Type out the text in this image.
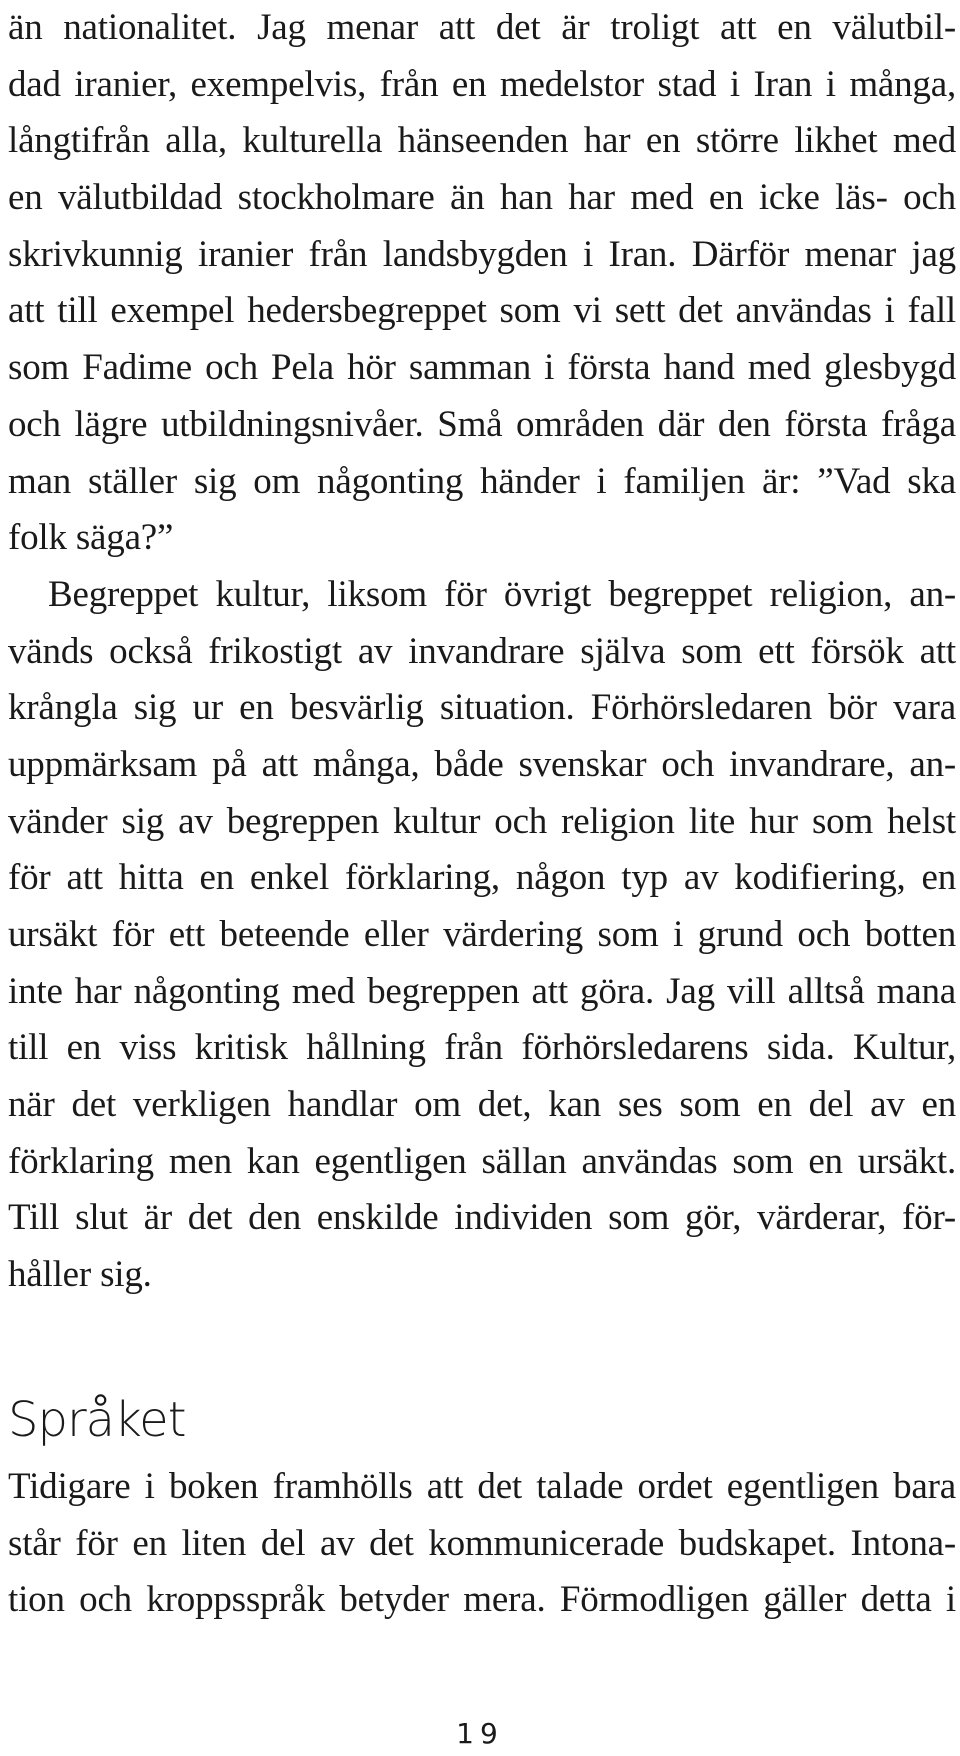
än nationalitet. Jag menar att det är troligt att en välutbil-
dad iranier, exempelvis, från en medelstor stad i Iran i många,
långtifrån alla, kulturella hänseenden har en större likhet med
en välutbildad stockholmare än han har med en icke läs- och
skrivkunnig iranier från landsbygden i Iran. Därför menar jag
att till exempel hedersbegreppet som vi sett det användas i fall
som Fadime och Pela hör samman i första hand med glesbygd
och lägre utbildningsnivåer. Små områden där den första fråga
man ställer sig om någonting händer i familjen är: ”Vad ska
folk säga?”
Begreppet kultur, liksom för övrigt begreppet religion, an-
vänds också frikostigt av invandrare själva som ett försök att
krångla sig ur en besvärlig situation. Förhörsledaren bör vara
uppmärksam på att många, både svenskar och invandrare, an-
vänder sig av begreppen kultur och religion lite hur som helst
för att hitta en enkel förklaring, någon typ av kodifiering, en
ursäkt för ett beteende eller värdering som i grund och botten
inte har någonting med begreppen att göra. Jag vill alltså mana
till en viss kritisk hållning från förhörsledarens sida. Kultur,
när det verkligen handlar om det, kan ses som en del av en
förklaring men kan egentligen sällan användas som en ursäkt.
Till slut är det den enskilde individen som gör, värderar, för-
håller sig.
Språket
Tidigare i boken framhölls att det talade ordet egentligen bara
står för en liten del av det kommunicerade budskapet. Intona-
tion och kroppsspråk betyder mera. Förmodligen gäller detta i
19
